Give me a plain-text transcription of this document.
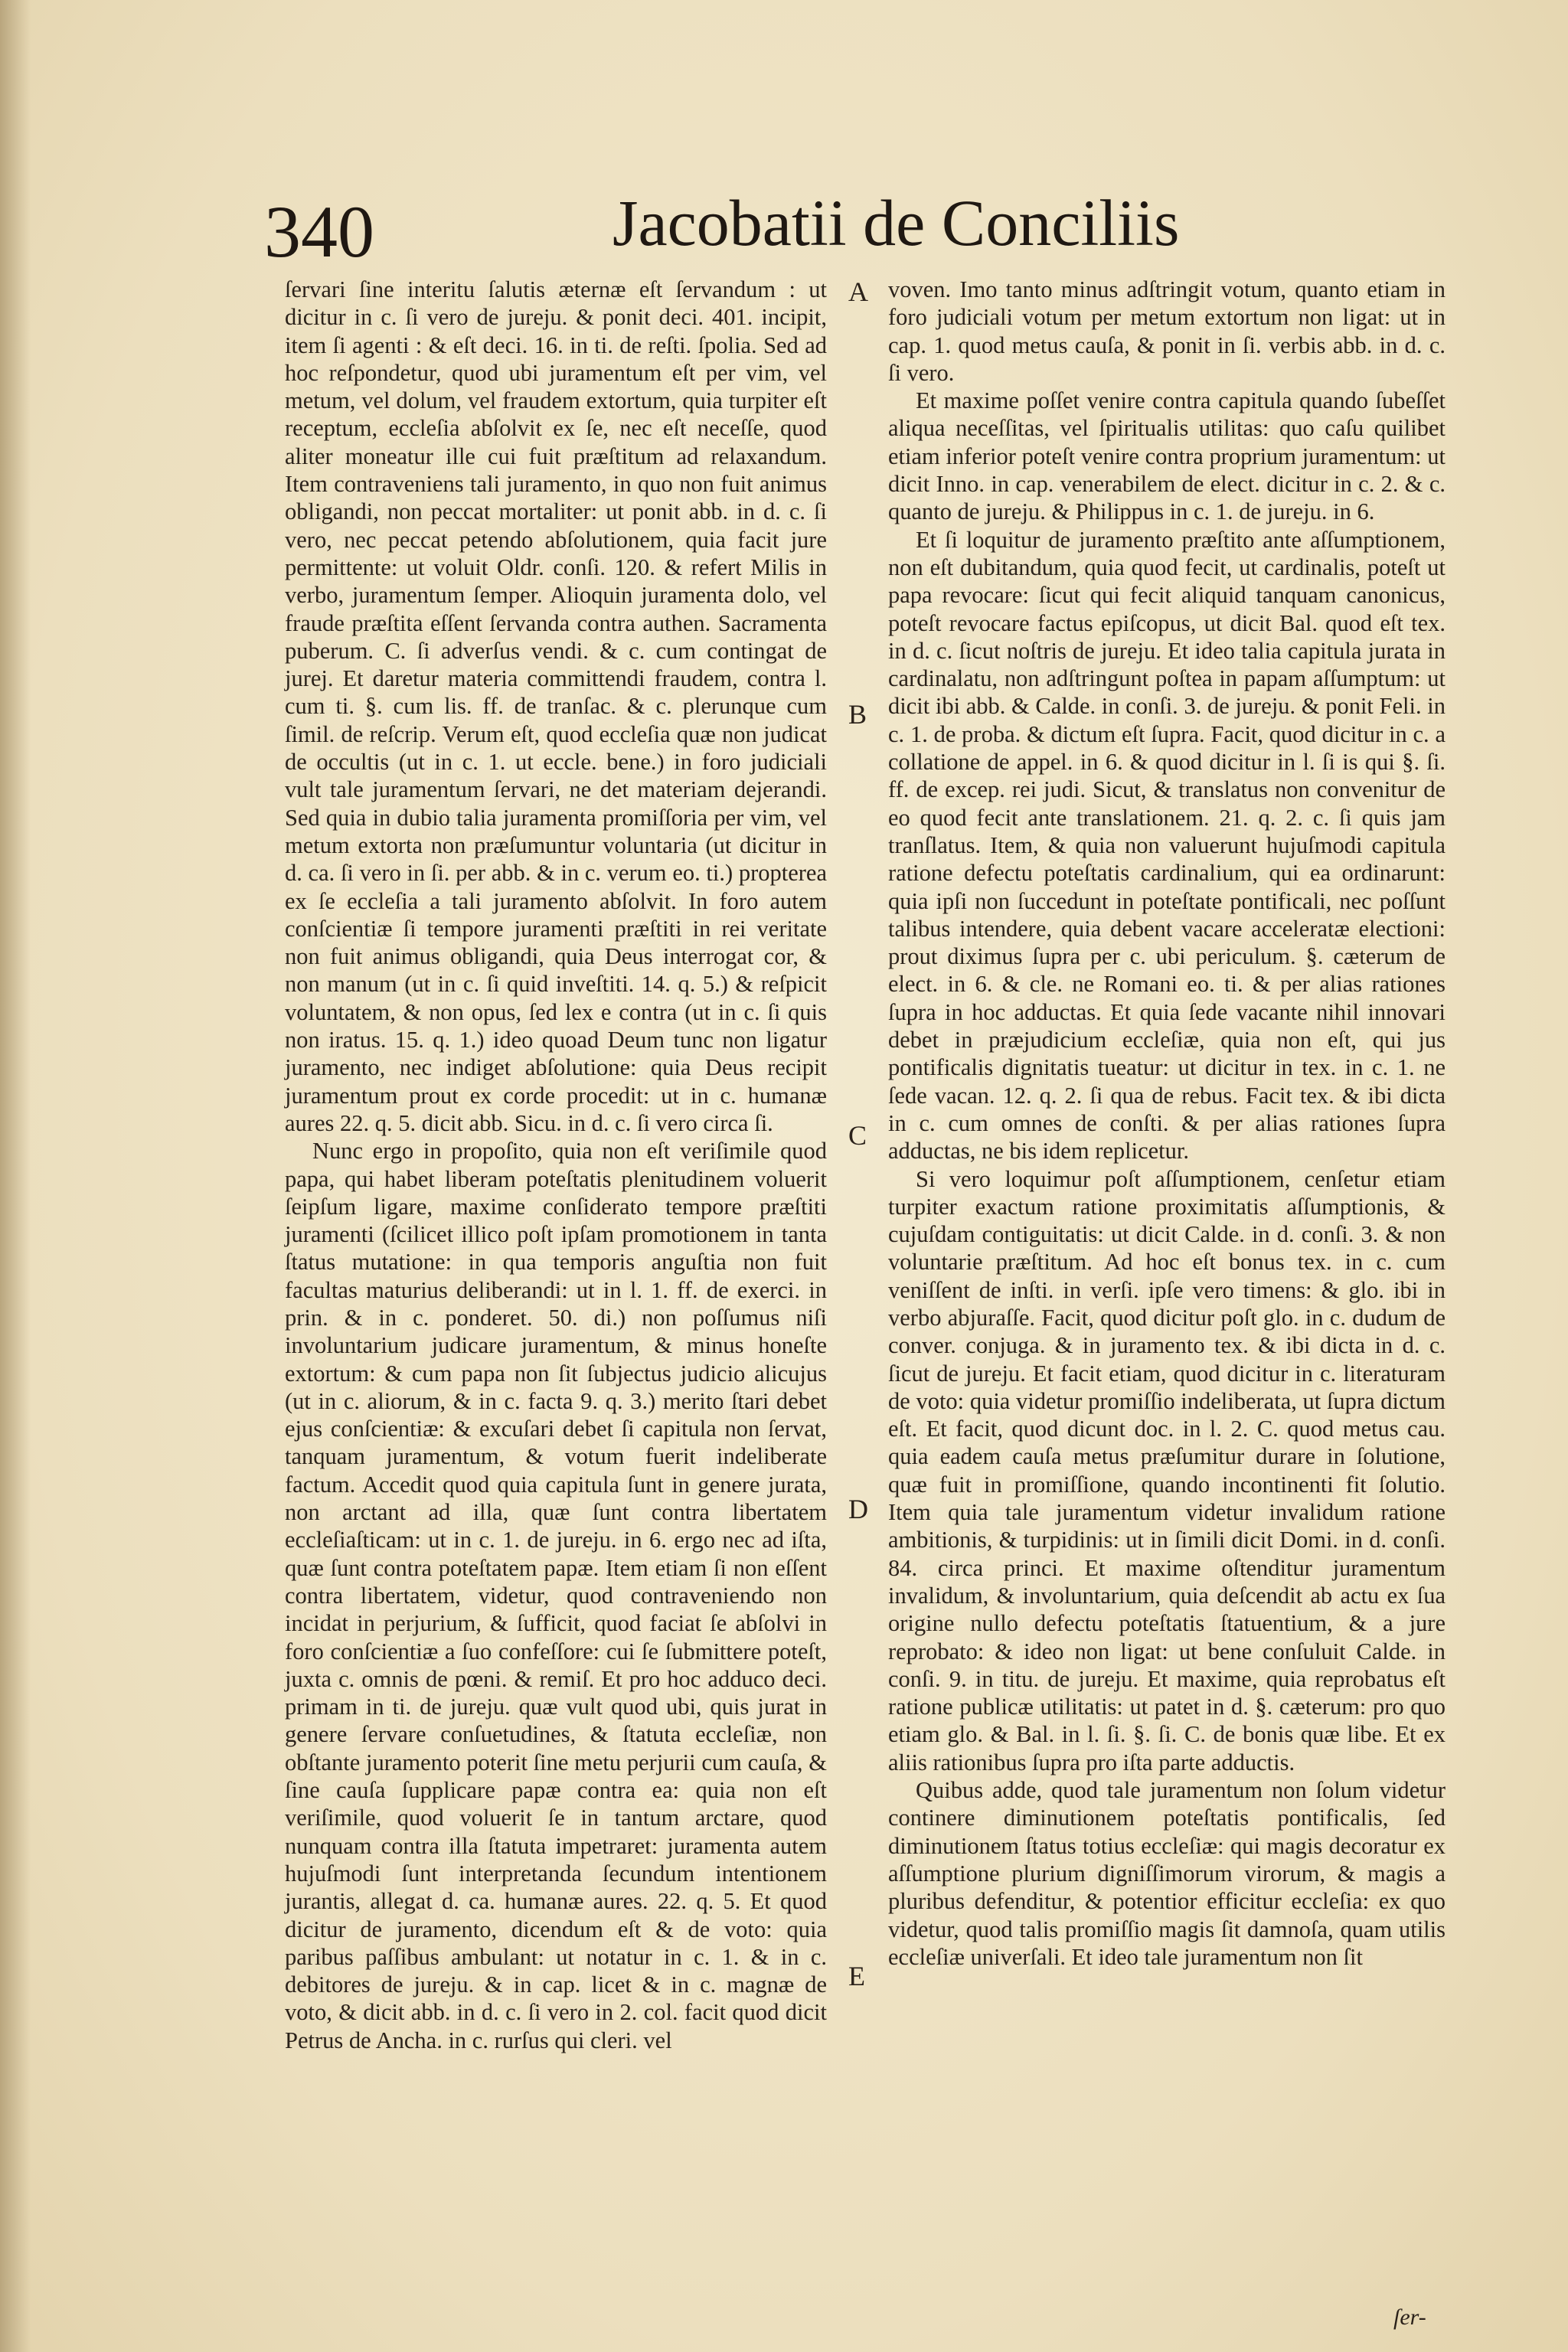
340	Jacobatii de Conciliis

ſervari ſine interitu ſalutis æternæ eſt ſervandum : ut dicitur in c. ſi vero de jureju. & ponit deci. 401. incipit, item ſi agenti : & eſt deci. 16. in ti. de reſti. ſpolia. Sed ad hoc reſpondetur, quod ubi juramentum eſt per vim, vel metum, vel dolum, vel fraudem extortum, quia turpiter eſt receptum, eccleſia abſolvit ex ſe, nec eſt neceſſe, quod aliter moneatur ille cui fuit præſtitum ad relaxandum. Item contraveniens tali juramento, in quo non fuit animus obligandi, non peccat mortaliter: ut ponit abb. in d. c. ſi vero, nec peccat petendo abſolutionem, quia facit jure permittente: ut voluit Oldr. conſi. 120. & refert Milis in verbo, juramentum ſemper. Alioquin juramenta dolo, vel fraude præſtita eſſent ſervanda contra authen. Sacramenta puberum. C. ſi adverſus vendi. & c. cum contingat de jurej. Et daretur materia committendi fraudem, contra l. cum ti. §. cum lis. ff. de tranſac. & c. plerunque cum ſimil. de reſcrip. Verum eſt, quod eccleſia quæ non judicat de occultis (ut in c. 1. ut eccle. bene.) in foro judiciali vult tale juramentum ſervari, ne det materiam dejerandi. Sed quia in dubio talia juramenta promiſſoria per vim, vel metum extorta non præſumuntur voluntaria (ut dicitur in d. ca. ſi vero in ſi. per abb. & in c. verum eo. ti.) propterea ex ſe eccleſia a tali juramento abſolvit. In foro autem conſcientiæ ſi tempore juramenti præſtiti in rei veritate non fuit animus obligandi, quia Deus interrogat cor, & non manum (ut in c. ſi quid inveſtiti. 14. q. 5.) & reſpicit voluntatem, & non opus, ſed lex e contra (ut in c. ſi quis non iratus. 15. q. 1.) ideo quoad Deum tunc non ligatur juramento, nec indiget abſolutione: quia Deus recipit juramentum prout ex corde procedit: ut in c. humanæ aures 22. q. 5. dicit abb. Sicu. in d. c. ſi vero circa ſi.

Nunc ergo in propoſito, quia non eſt veriſimile quod papa, qui habet liberam poteſtatis plenitudinem voluerit ſeipſum ligare, maxime conſiderato tempore præſtiti juramenti (ſcilicet illico poſt ipſam promotionem in tanta ſtatus mutatione: in qua temporis anguſtia non fuit facultas maturius deliberandi: ut in l. 1. ff. de exerci. in prin. & in c. ponderet. 50. di.) non poſſumus niſi involuntarium judicare juramentum, & minus honeſte extortum: & cum papa non ſit ſubjectus judicio alicujus (ut in c. aliorum, & in c. facta 9. q. 3.) merito ſtari debet ejus conſcientiæ: & excuſari debet ſi capitula non ſervat, tanquam juramentum, & votum fuerit indeliberate factum. Accedit quod quia capitula ſunt in genere jurata, non arctant ad illa, quæ ſunt contra libertatem eccleſiaſticam: ut in c. 1. de jureju. in 6. ergo nec ad iſta, quæ ſunt contra poteſtatem papæ. Item etiam ſi non eſſent contra libertatem, videtur, quod contraveniendo non incidat in perjurium, & ſufficit, quod faciat ſe abſolvi in foro conſcientiæ a ſuo confeſſore: cui ſe ſubmittere poteſt, juxta c. omnis de pœni. & remiſ. Et pro hoc adduco deci. primam in ti. de jureju. quæ vult quod ubi, quis jurat in genere ſervare conſuetudines, & ſtatuta eccleſiæ, non obſtante juramento poterit ſine metu perjurii cum cauſa, & ſine cauſa ſupplicare papæ contra ea: quia non eſt veriſimile, quod voluerit ſe in tantum arctare, quod nunquam contra illa ſtatuta impetraret: juramenta autem hujuſmodi ſunt interpretanda ſecundum intentionem jurantis, allegat d. ca. humanæ aures. 22. q. 5. Et quod dicitur de juramento, dicendum eſt & de voto: quia paribus paſſibus ambulant: ut notatur in c. 1. & in c. debitores de jureju. & in cap. licet & in c. magnæ de voto, & dicit abb. in d. c. ſi vero in 2. col. facit quod dicit Petrus de Ancha. in c. rurſus qui cleri. vel

A
B
C
D
E

voven. Imo tanto minus adſtringit votum, quanto etiam in foro judiciali votum per metum extortum non ligat: ut in cap. 1. quod metus cauſa, & ponit in ſi. verbis abb. in d. c. ſi vero.

Et maxime poſſet venire contra capitula quando ſubeſſet aliqua neceſſitas, vel ſpiritualis utilitas: quo caſu quilibet etiam inferior poteſt venire contra proprium juramentum: ut dicit Inno. in cap. venerabilem de elect. dicitur in c. 2. & c. quanto de jureju. & Philippus in c. 1. de jureju. in 6.

Et ſi loquitur de juramento præſtito ante aſſumptionem, non eſt dubitandum, quia quod fecit, ut cardinalis, poteſt ut papa revocare: ſicut qui fecit aliquid tanquam canonicus, poteſt revocare factus epiſcopus, ut dicit Bal. quod eſt tex. in d. c. ſicut noſtris de jureju. Et ideo talia capitula jurata in cardinalatu, non adſtringunt poſtea in papam aſſumptum: ut dicit ibi abb. & Calde. in conſi. 3. de jureju. & ponit Feli. in c. 1. de proba. & dictum eſt ſupra. Facit, quod dicitur in c. a collatione de appel. in 6. & quod dicitur in l. ſi is qui §. ſi. ff. de excep. rei judi. Sicut, & translatus non convenitur de eo quod fecit ante translationem. 21. q. 2. c. ſi quis jam tranſlatus. Item, & quia non valuerunt hujuſmodi capitula ratione defectu poteſtatis cardinalium, qui ea ordinarunt: quia ipſi non ſuccedunt in poteſtate pontificali, nec poſſunt talibus intendere, quia debent vacare acceleratæ electioni: prout diximus ſupra per c. ubi periculum. §. cæterum de elect. in 6. & cle. ne Romani eo. ti. & per alias rationes ſupra in hoc adductas. Et quia ſede vacante nihil innovari debet in præjudicium eccleſiæ, quia non eſt, qui jus pontificalis dignitatis tueatur: ut dicitur in tex. in c. 1. ne ſede vacan. 12. q. 2. ſi qua de rebus. Facit tex. & ibi dicta in c. cum omnes de conſti. & per alias rationes ſupra adductas, ne bis idem replicetur.

Si vero loquimur poſt aſſumptionem, cenſetur etiam turpiter exactum ratione proximitatis aſſumptionis, & cujuſdam contiguitatis: ut dicit Calde. in d. conſi. 3. & non voluntarie præſtitum. Ad hoc eſt bonus tex. in c. cum veniſſent de inſti. in verſi. ipſe vero timens: & glo. ibi in verbo abjuraſſe. Facit, quod dicitur poſt glo. in c. dudum de conver. conjuga. & in juramento tex. & ibi dicta in d. c. ſicut de jureju. Et facit etiam, quod dicitur in c. literaturam de voto: quia videtur promiſſio indeliberata, ut ſupra dictum eſt. Et facit, quod dicunt doc. in l. 2. C. quod metus cau. quia eadem cauſa metus præſumitur durare in ſolutione, quæ fuit in promiſſione, quando incontinenti fit ſolutio. Item quia tale juramentum videtur invalidum ratione ambitionis, & turpidinis: ut in ſimili dicit Domi. in d. conſi. 84. circa princi. Et maxime oſtenditur juramentum invalidum, & involuntarium, quia deſcendit ab actu ex ſua origine nullo defectu poteſtatis ſtatuentium, & a jure reprobato: & ideo non ligat: ut bene conſuluit Calde. in conſi. 9. in titu. de jureju. Et maxime, quia reprobatus eſt ratione publicæ utilitatis: ut patet in d. §. cæterum: pro quo etiam glo. & Bal. in l. ſi. §. ſi. C. de bonis quæ libe. Et ex aliis rationibus ſupra pro iſta parte adductis.

Quibus adde, quod tale juramentum non ſolum videtur continere diminutionem poteſtatis pontificalis, ſed diminutionem ſtatus totius eccleſiæ: qui magis decoratur ex aſſumptione plurium digniſſimorum virorum, & magis a pluribus defenditur, & potentior efficitur eccleſia: ex quo videtur, quod talis promiſſio magis ſit damnoſa, quam utilis eccleſiæ univerſali. Et ideo tale juramentum non ſit

ſer-
